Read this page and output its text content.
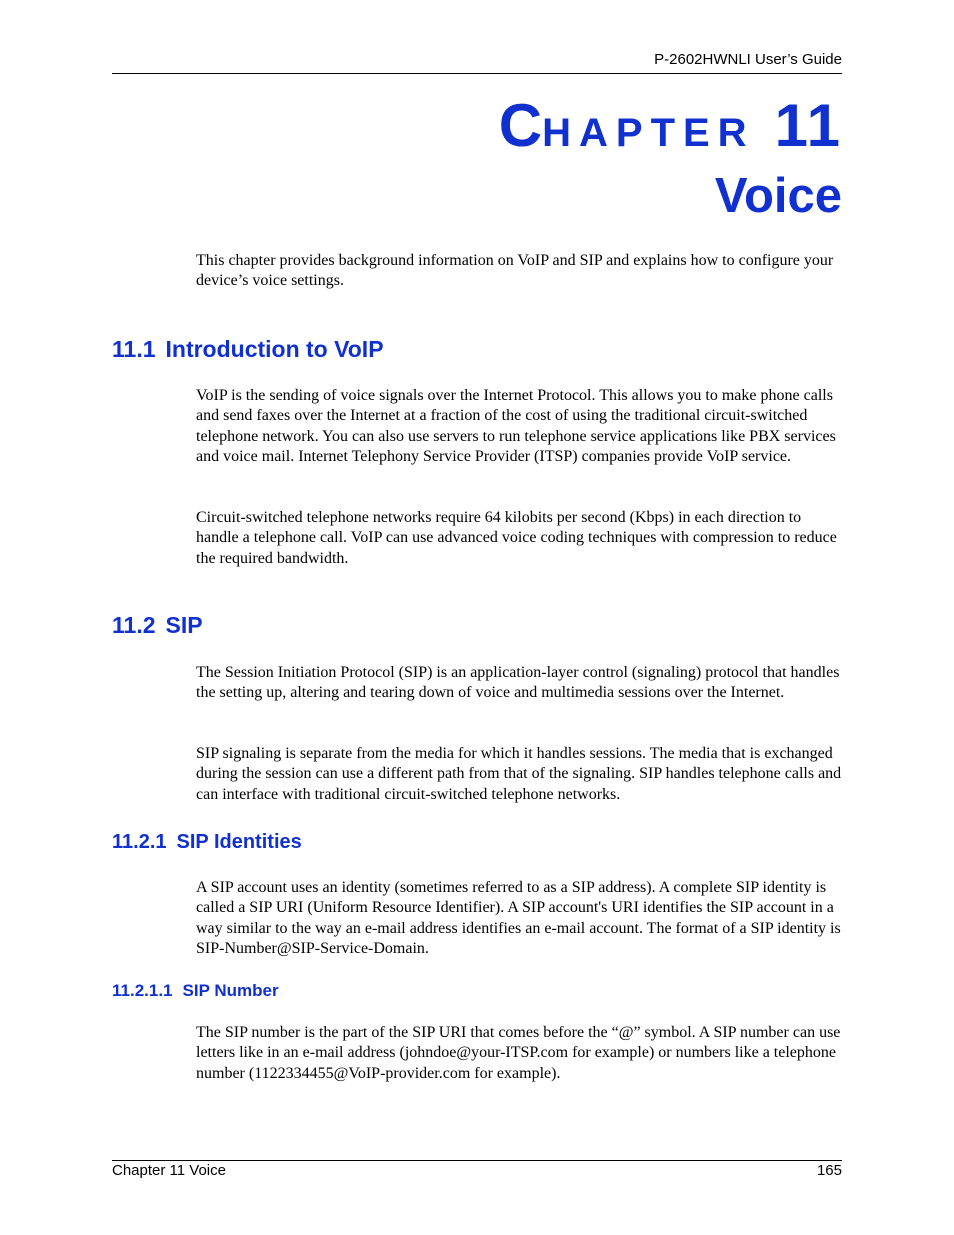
P-2602HWNLI User’s Guide
CHAPTER 11
Voice

This chapter provides background information on VoIP and SIP and explains how to configure your device’s voice settings.

11.1 Introduction to VoIP

VoIP is the sending of voice signals over the Internet Protocol. This allows you to make phone calls and send faxes over the Internet at a fraction of the cost of using the traditional circuit-switched telephone network. You can also use servers to run telephone service applications like PBX services and voice mail. Internet Telephony Service Provider (ITSP) companies provide VoIP service.

Circuit-switched telephone networks require 64 kilobits per second (Kbps) in each direction to handle a telephone call. VoIP can use advanced voice coding techniques with compression to reduce the required bandwidth.

11.2 SIP

The Session Initiation Protocol (SIP) is an application-layer control (signaling) protocol that handles the setting up, altering and tearing down of voice and multimedia sessions over the Internet.

SIP signaling is separate from the media for which it handles sessions. The media that is exchanged during the session can use a different path from that of the signaling. SIP handles telephone calls and can interface with traditional circuit-switched telephone networks.

11.2.1 SIP Identities

A SIP account uses an identity (sometimes referred to as a SIP address). A complete SIP identity is called a SIP URI (Uniform Resource Identifier). A SIP account's URI identifies the SIP account in a way similar to the way an e-mail address identifies an e-mail account. The format of a SIP identity is SIP-Number@SIP-Service-Domain.

11.2.1.1 SIP Number

The SIP number is the part of the SIP URI that comes before the “@” symbol. A SIP number can use letters like in an e-mail address (johndoe@your-ITSP.com for example) or numbers like a telephone number (1122334455@VoIP-provider.com for example).

Chapter 11 Voice	165
